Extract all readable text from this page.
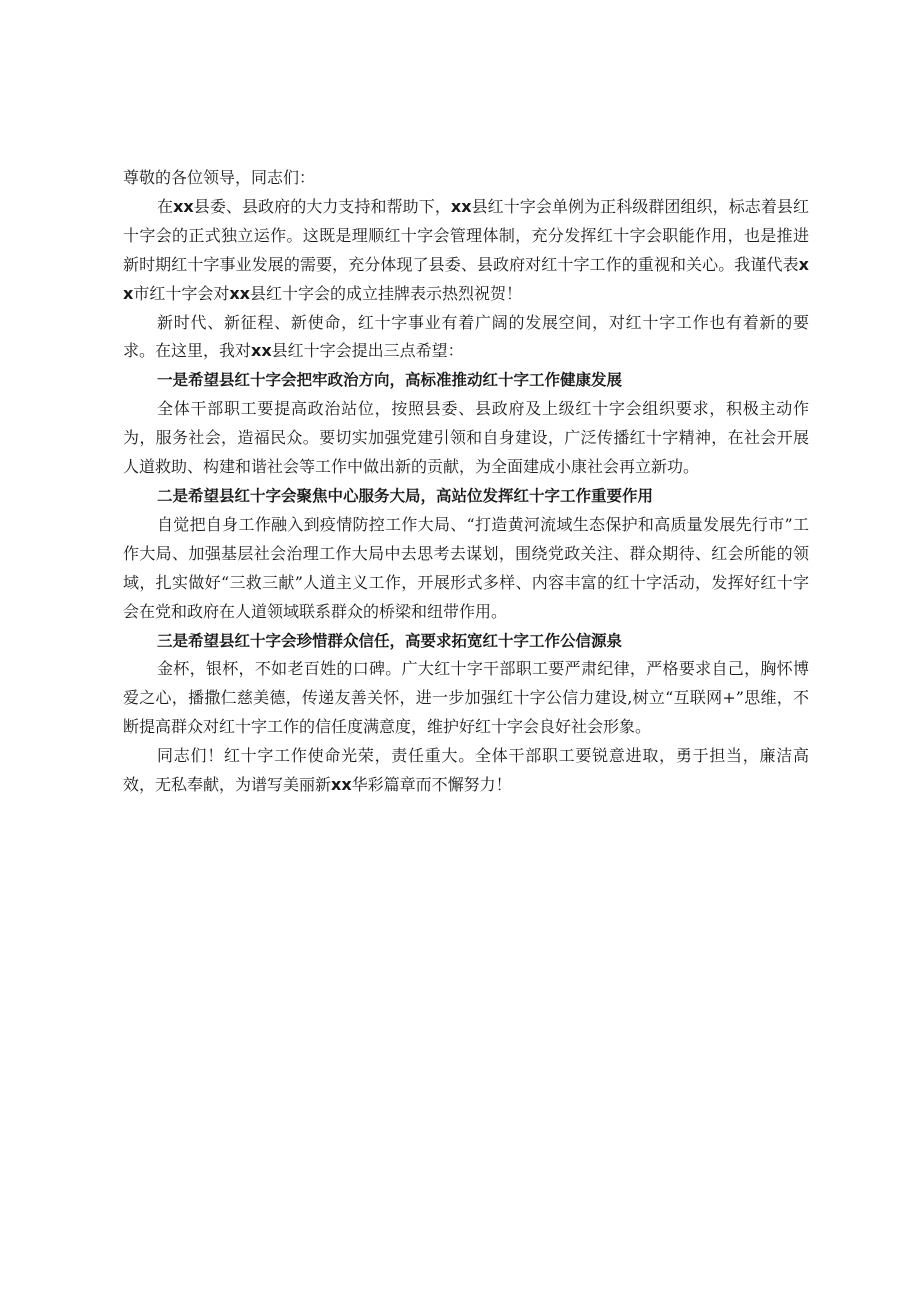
尊敬的各位领导，同志们：

在xx县委、县政府的大力支持和帮助下，xx县红十字会单例为正科级群团组织，标志着县红十字会的正式独立运作。这既是理顺红十字会管理体制，充分发挥红十字会职能作用，也是推进新时期红十字事业发展的需要，充分体现了县委、县政府对红十字工作的重视和关心。我谨代表xx市红十字会对xx县红十字会的成立挂牌表示热烈祝贺！

新时代、新征程、新使命，红十字事业有着广阔的发展空间，对红十字工作也有着新的要求。在这里，我对xx县红十字会提出三点希望：

一是希望县红十字会把牢政治方向，高标准推动红十字工作健康发展

全体干部职工要提高政治站位，按照县委、县政府及上级红十字会组织要求，积极主动作为，服务社会，造福民众。要切实加强党建引领和自身建设，广泛传播红十字精神，在社会开展人道救助、构建和谐社会等工作中做出新的贡献，为全面建成小康社会再立新功。

二是希望县红十字会聚焦中心服务大局，高站位发挥红十字工作重要作用

自觉把自身工作融入到疫情防控工作大局、“打造黄河流域生态保护和高质量发展先行市”工作大局、加强基层社会治理工作大局中去思考去谋划，围绕党政关注、群众期待、红会所能的领域，扎实做好“三救三献”人道主义工作，开展形式多样、内容丰富的红十字活动，发挥好红十字会在党和政府在人道领域联系群众的桥梁和纽带作用。

三是希望县红十字会珍惜群众信任，高要求拓宽红十字工作公信源泉

金杯，银杯，不如老百姓的口碑。广大红十字干部职工要严肃纪律，严格要求自己，胸怀博爱之心，播撒仁慈美德，传递友善关怀，进一步加强红十字公信力建设,树立“互联网+”思维，不断提高群众对红十字工作的信任度满意度，维护好红十字会良好社会形象。

同志们！红十字工作使命光荣，责任重大。全体干部职工要锐意进取，勇于担当，廉洁高效，无私奉献，为谱写美丽新xx华彩篇章而不懈努力！
